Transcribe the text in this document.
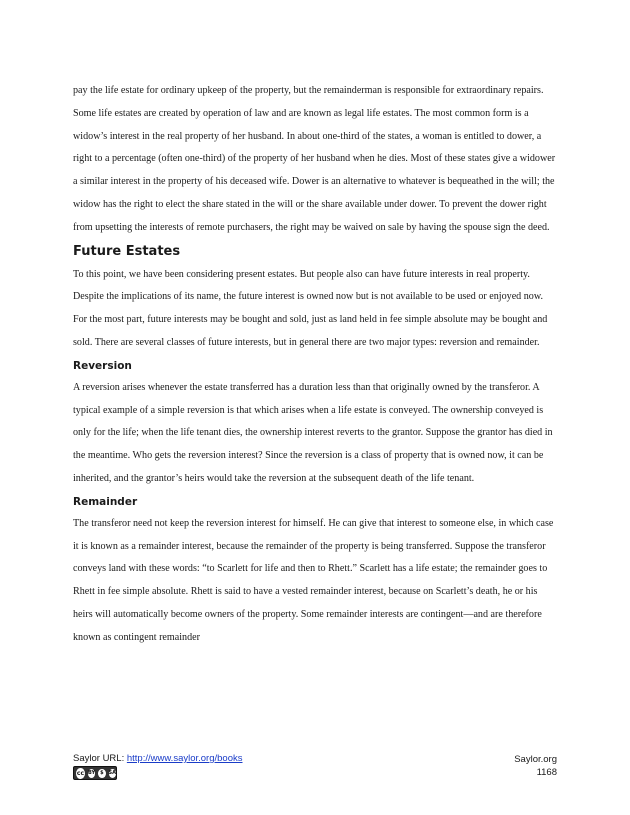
pay the life estate for ordinary upkeep of the property, but the remainderman is responsible for extraordinary repairs.

Some life estates are created by operation of law and are known as legal life estates. The most common form is a widow’s interest in the real property of her husband. In about one-third of the states, a woman is entitled to dower, a right to a percentage (often one-third) of the property of her husband when he dies. Most of these states give a widower a similar interest in the property of his deceased wife. Dower is an alternative to whatever is bequeathed in the will; the widow has the right to elect the share stated in the will or the share available under dower. To prevent the dower right from upsetting the interests of remote purchasers, the right may be waived on sale by having the spouse sign the deed.

Future Estates

To this point, we have been considering present estates. But people also can have future interests in real property. Despite the implications of its name, the future interest is owned now but is not available to be used or enjoyed now. For the most part, future interests may be bought and sold, just as land held in fee simple absolute may be bought and sold. There are several classes of future interests, but in general there are two major types: reversion and remainder.

Reversion

A reversion arises whenever the estate transferred has a duration less than that originally owned by the transferor. A typical example of a simple reversion is that which arises when a life estate is conveyed. The ownership conveyed is only for the life; when the life tenant dies, the ownership interest reverts to the grantor. Suppose the grantor has died in the meantime. Who gets the reversion interest? Since the reversion is a class of property that is owned now, it can be inherited, and the grantor’s heirs would take the reversion at the subsequent death of the life tenant.

Remainder

The transferor need not keep the reversion interest for himself. He can give that interest to someone else, in which case it is known as a remainder interest, because the remainder of the property is being transferred. Suppose the transferor conveys land with these words: “to Scarlett for life and then to Rhett.” Scarlett has a life estate; the remainder goes to Rhett in fee simple absolute. Rhett is said to have a vested remainder interest, because on Scarlett’s death, he or his heirs will automatically become owners of the property. Some remainder interests are contingent—and are therefore known as contingent remainder

Saylor URL: http://www.saylor.org/books
cc BY $ SA
Saylor.org
1168
